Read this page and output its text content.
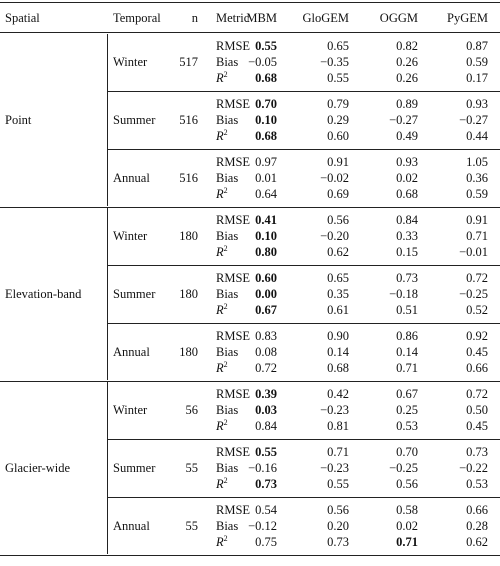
Spatial	Temporal	n Metric
MBM	GloGEM	OGGM	PyGEM
Point
Winter	517
RMSE 0.55	0.65	0.82	0.87
Bias −0.05	−0.35	0.26	0.59
$R^2$	0.68	0.55	0.26	0.17
Summer	516
RMSE 0.70	0.79	0.89	0.93
Bias	0.10	0.29	−0.27	−0.27
$R^2$	0.68	0.60	0.49	0.44
Annual	516
RMSE 0.97	0.91	0.93	1.05
Bias	0.01	−0.02	0.02	0.36
$R^2$	0.64	0.69	0.68	0.59
Elevation-band
Winter	180
RMSE 0.41	0.56	0.84	0.91
Bias	0.10	−0.20	0.33	0.71
$R^2$	0.80	0.62	0.15	−0.01
Summer	180
RMSE 0.60	0.65	0.73	0.72
Bias	0.00	0.35	−0.18	−0.25
$R^2$	0.67	0.61	0.51	0.52
Annual	180
RMSE 0.83	0.90	0.86	0.92
Bias	0.08	0.14	0.14	0.45
$R^2$	0.72	0.68	0.71	0.66
Glacier-wide
Winter	56
RMSE 0.39	0.42	0.67	0.72
Bias	0.03	−0.23	0.25	0.50
$R^2$	0.84	0.81	0.53	0.45
Summer	55
RMSE 0.55	0.71	0.70	0.73
Bias −0.16	−0.23	−0.25	−0.22
$R^2$	0.73	0.55	0.56	0.53
Annual	55
RMSE 0.54	0.56	0.58	0.66
Bias −0.12	0.20	0.02	0.28
$R^2$	0.75	0.73	0.71	0.62
